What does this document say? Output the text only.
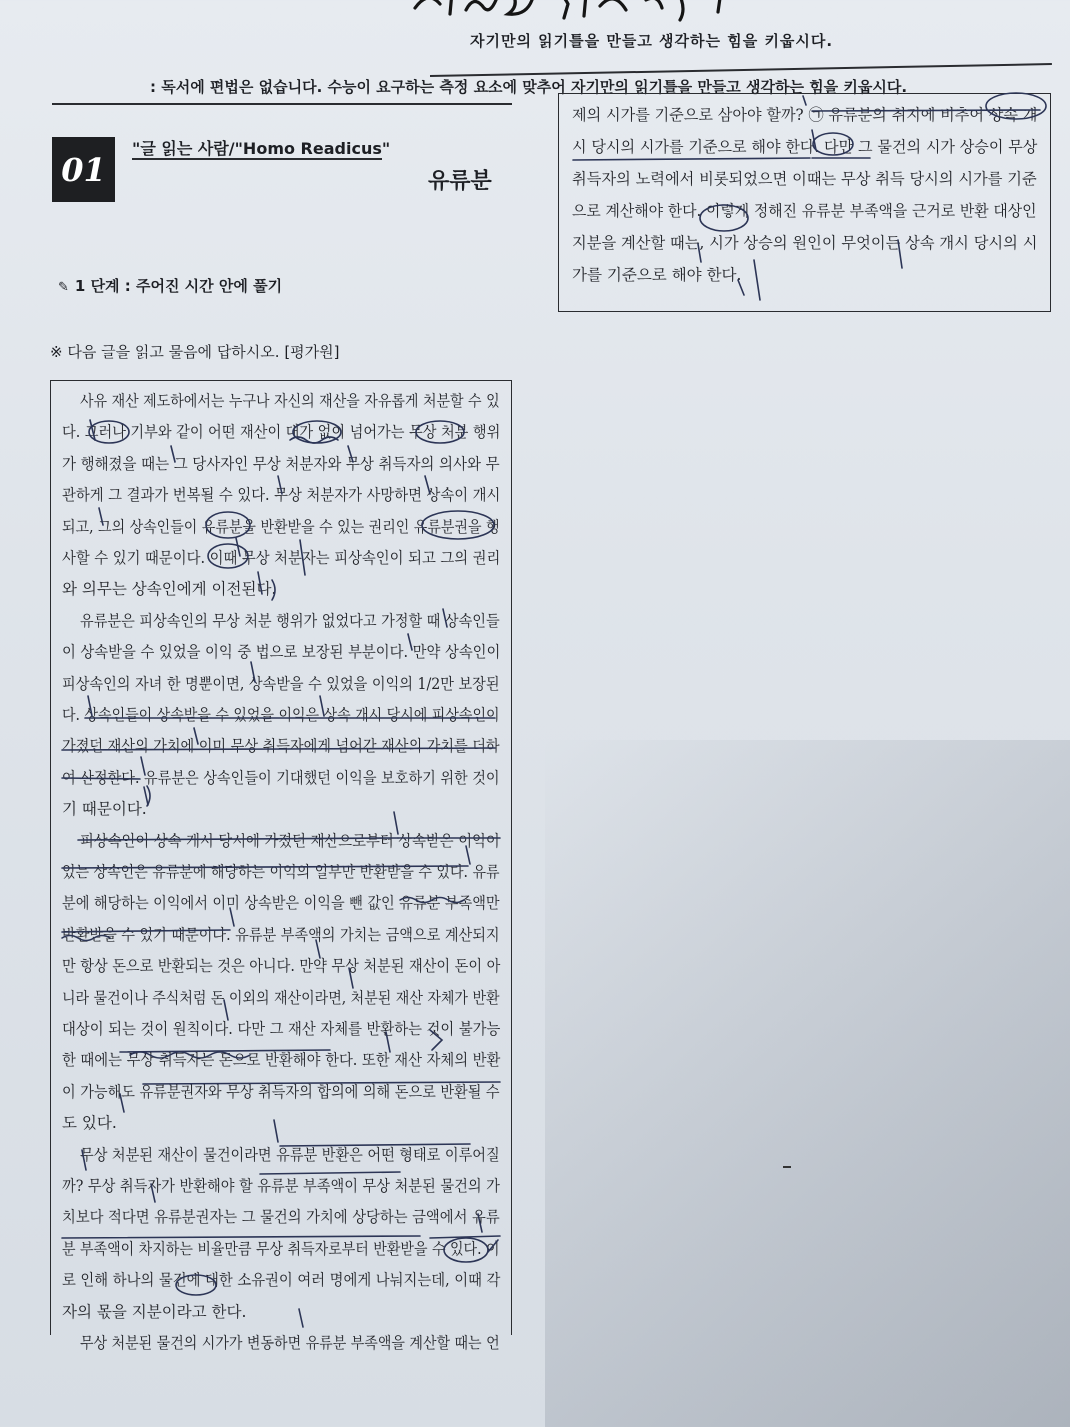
자기만의 읽기틀을 만들고 생각하는 힘을 키웁시다.
: 독서에 편법은 없습니다. 수능이 요구하는 측정 요소에 맞추어 자기만의 읽기틀을 만들고 생각하는 힘을 키웁시다.
01
"글 읽는 사람/"Homo Readicus"
유류분
✎ 1 단계 : 주어진 시간 안에 풀기
※ 다음 글을 읽고 물음에 답하시오. [평가원]
사유 재산 제도하에서는 누구나 자신의 재산을 자유롭게 처분할 수 있
다. 그러나 기부와 같이 어떤 재산이 대가 없이 넘어가는 무상 처분 행위
가 행해졌을 때는 그 당사자인 무상 처분자와 무상 취득자의 의사와 무
관하게 그 결과가 번복될 수 있다. 무상 처분자가 사망하면 상속이 개시
되고, 그의 상속인들이 유류분을 반환받을 수 있는 권리인 유류분권을 행
사할 수 있기 때문이다. 이때 무상 처분자는 피상속인이 되고 그의 권리
와 의무는 상속인에게 이전된다.
유류분은 피상속인의 무상 처분 행위가 없었다고 가정할 때 상속인들
이 상속받을 수 있었을 이익 중 법으로 보장된 부분이다. 만약 상속인이
피상속인의 자녀 한 명뿐이면, 상속받을 수 있었을 이익의 1/2만 보장된
다. 상속인들이 상속받을 수 있었을 이익은 상속 개시 당시에 피상속인이
가졌던 재산의 가치에 이미 무상 취득자에게 넘어간 재산의 가치를 더하
여 산정한다. 유류분은 상속인들이 기대했던 이익을 보호하기 위한 것이
기 때문이다.
피상속인이 상속 개시 당시에 가졌던 재산으로부터 상속받은 이익이
있는 상속인은 유류분에 해당하는 이익의 일부만 반환받을 수 있다. 유류
분에 해당하는 이익에서 이미 상속받은 이익을 뺀 값인 유류분 부족액만
반환받을 수 있기 때문이다. 유류분 부족액의 가치는 금액으로 계산되지
만 항상 돈으로 반환되는 것은 아니다. 만약 무상 처분된 재산이 돈이 아
니라 물건이나 주식처럼 돈 이외의 재산이라면, 처분된 재산 자체가 반환
대상이 되는 것이 원칙이다. 다만 그 재산 자체를 반환하는 것이 불가능
한 때에는 무상 취득자는 돈으로 반환해야 한다. 또한 재산 자체의 반환
이 가능해도 유류분권자와 무상 취득자의 합의에 의해 돈으로 반환될 수
도 있다.
무상 처분된 재산이 물건이라면 유류분 반환은 어떤 형태로 이루어질
까? 무상 취득자가 반환해야 할 유류분 부족액이 무상 처분된 물건의 가
치보다 적다면 유류분권자는 그 물건의 가치에 상당하는 금액에서 유류
분 부족액이 차지하는 비율만큼 무상 취득자로부터 반환받을 수 있다. 이
로 인해 하나의 물건에 대한 소유권이 여러 명에게 나눠지는데, 이때 각
자의 몫을 지분이라고 한다.
무상 처분된 물건의 시가가 변동하면 유류분 부족액을 계산할 때는 언
제의 시가를 기준으로 삼아야 할까? ㉠ 유류분의 취지에 비추어 상속 개
시 당시의 시가를 기준으로 해야 한다. 다만 그 물건의 시가 상승이 무상
취득자의 노력에서 비롯되었으면 이때는 무상 취득 당시의 시가를 기준
으로 계산해야 한다. 이렇게 정해진 유류분 부족액을 근거로 반환 대상인
지분을 계산할 때는, 시가 상승의 원인이 무엇이든 상속 개시 당시의 시
가를 기준으로 해야 한다.
